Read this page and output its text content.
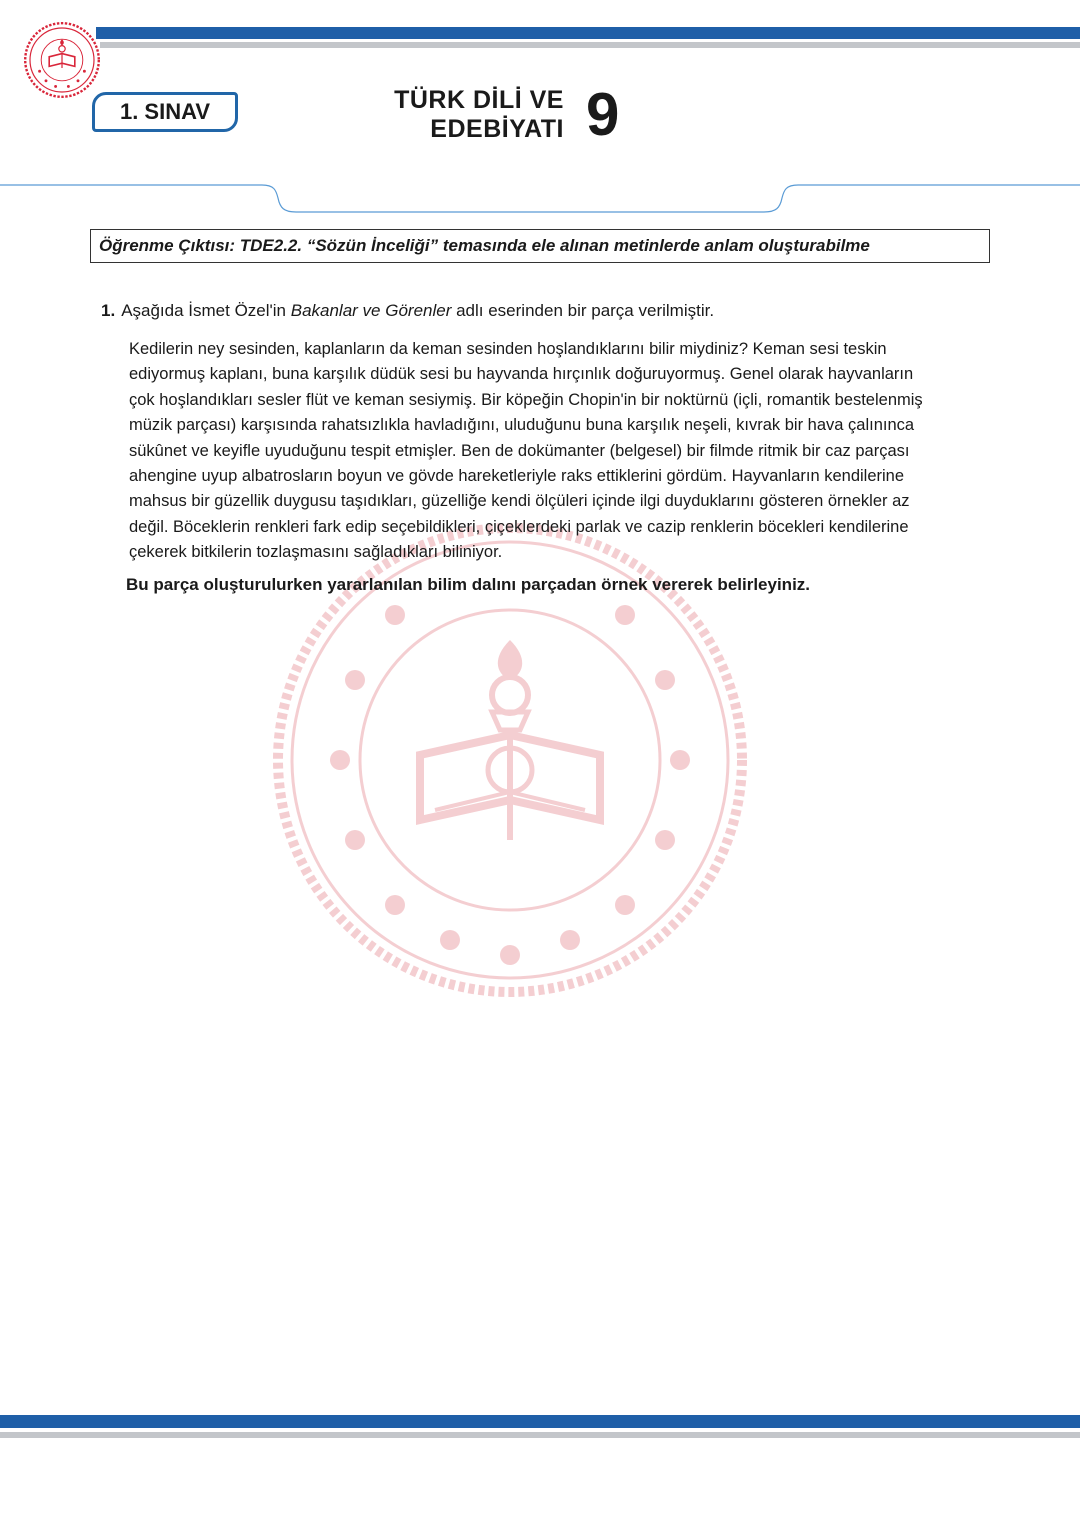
1. SINAV	TÜRK DİLİ VE
EDEBİYATI 9
Öğrenme Çıktısı: TDE2.2. “Sözün İnceliği” temasında ele alınan metinlerde anlam oluşturabilme
1. Aşağıda İsmet Özel'in Bakanlar ve Görenler adlı eserinden bir parça verilmiştir.
Kedilerin ney sesinden, kaplanların da keman sesinden hoşlandıklarını bilir miydiniz? Keman sesi teskin
ediyormuş kaplanı, buna karşılık düdük sesi bu hayvanda hırçınlık doğuruyormuş. Genel olarak hayvanların
çok hoşlandıkları sesler flüt ve keman sesiymiş. Bir köpeğin Chopin'in bir noktürnü (içli, romantik bestelenmiş
müzik parçası) karşısında rahatsızlıkla havladığını, uluduğunu buna karşılık neşeli, kıvrak bir hava çalınınca
sükûnet ve keyifle uyuduğunu tespit etmişler. Ben de dokümanter (belgesel) bir filmde ritmik bir caz parçası
ahengine uyup albatrosların boyun ve gövde hareketleriyle raks ettiklerini gördüm. Hayvanların kendilerine
mahsus bir güzellik duygusu taşıdıkları, güzelliğe kendi ölçüleri içinde ilgi duyduklarını gösteren örnekler az
değil. Böceklerin renkleri fark edip seçebildikleri, çiçeklerdeki parlak ve cazip renklerin böcekleri kendilerine
çekerek bitkilerin tozlaşmasını sağladıkları biliniyor.
Bu parça oluşturulurken yararlanılan bilim dalını parçadan örnek vererek belirleyiniz.
